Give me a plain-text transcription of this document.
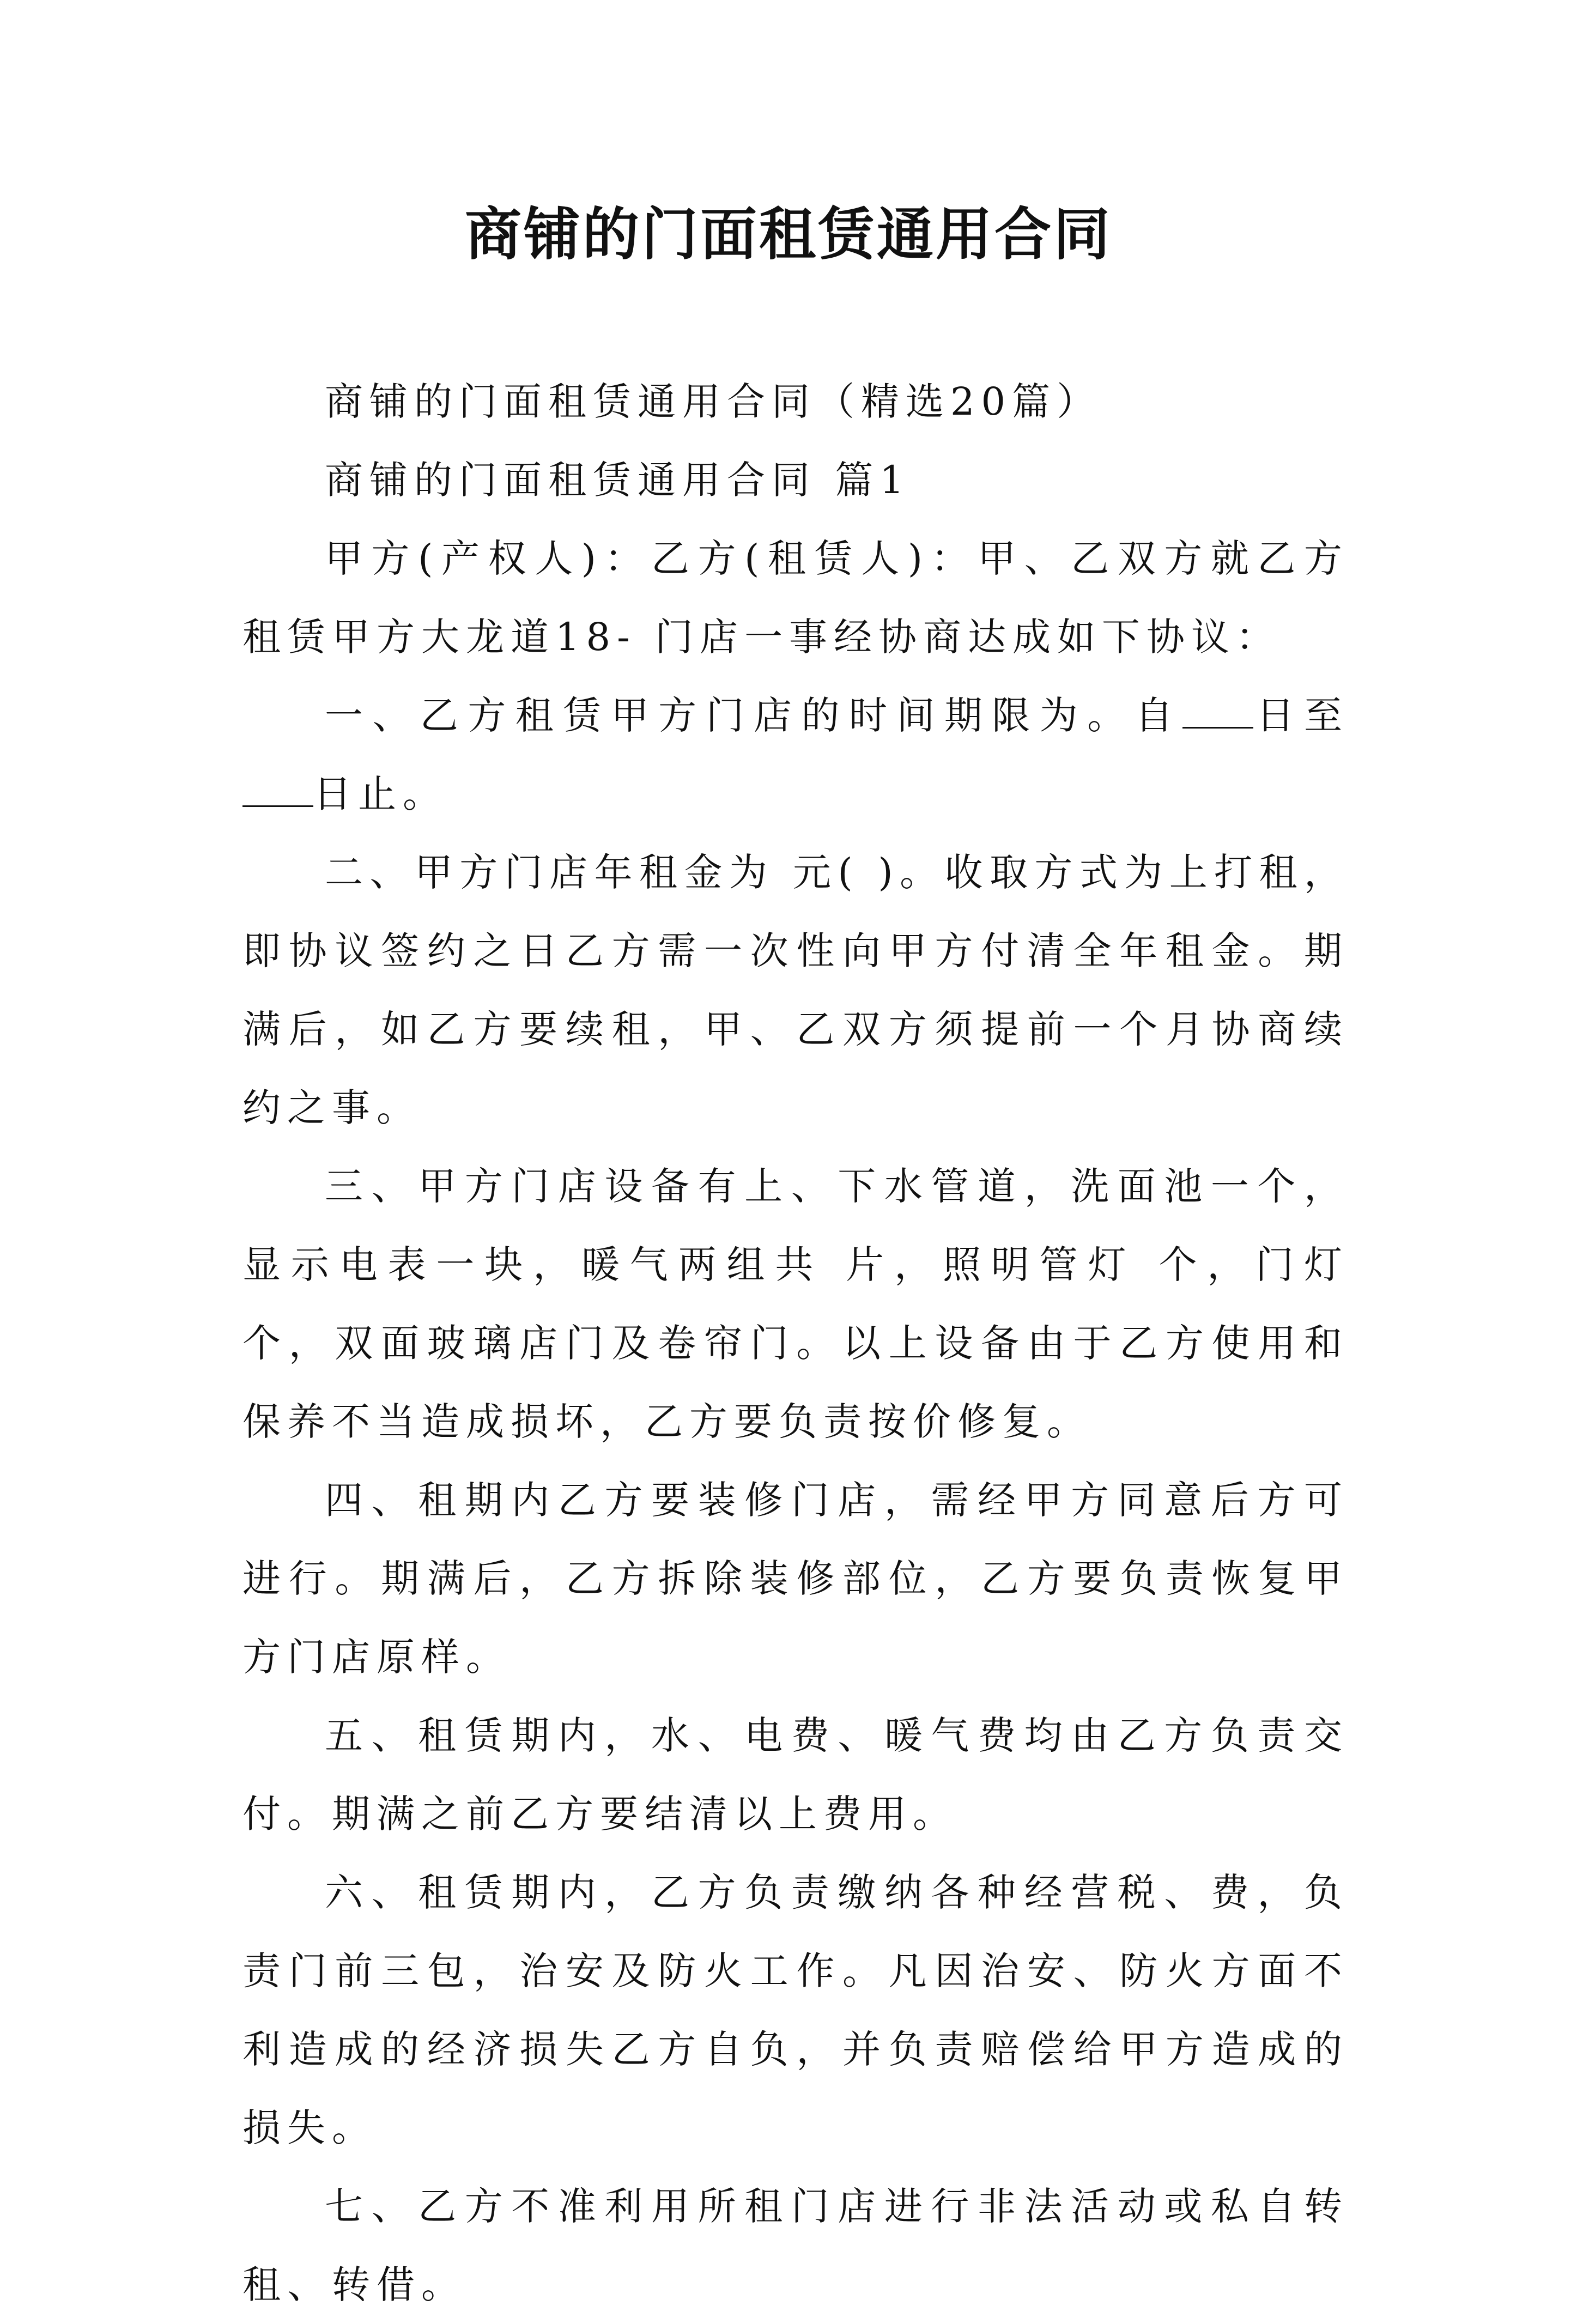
商铺的门面租赁通用合同

商铺的门面租赁通用合同（精选20篇）

商铺的门面租赁通用合同 篇1

甲方(产权人)：乙方(租赁人)：甲、乙双方就乙方租赁甲方大龙道18- 门店一事经协商达成如下协议：

一、乙方租赁甲方门店的时间期限为。自 日至日止。

二、甲方门店年租金为 元( )。收取方式为上打租，即协议签约之日乙方需一次性向甲方付清全年租金。期满后，如乙方要续租，甲、乙双方须提前一个月协商续约之事。

三、甲方门店设备有上、下水管道，洗面池一个，显示电表一块，暖气两组共 片，照明管灯 个，门灯 个，双面玻璃店门及卷帘门。以上设备由于乙方使用和保养不当造成损坏，乙方要负责按价修复。

四、租期内乙方要装修门店，需经甲方同意后方可进行。期满后，乙方拆除装修部位，乙方要负责恢复甲方门店原样。

五、租赁期内，水、电费、暖气费均由乙方负责交付。期满之前乙方要结清以上费用。

六、租赁期内，乙方负责缴纳各种经营税、费，负责门前三包，治安及防火工作。凡因治安、防火方面不利造成的经济损失乙方自负，并负责赔偿给甲方造成的损失。

七、乙方不准利用所租门店进行非法活动或私自转租、转借。
